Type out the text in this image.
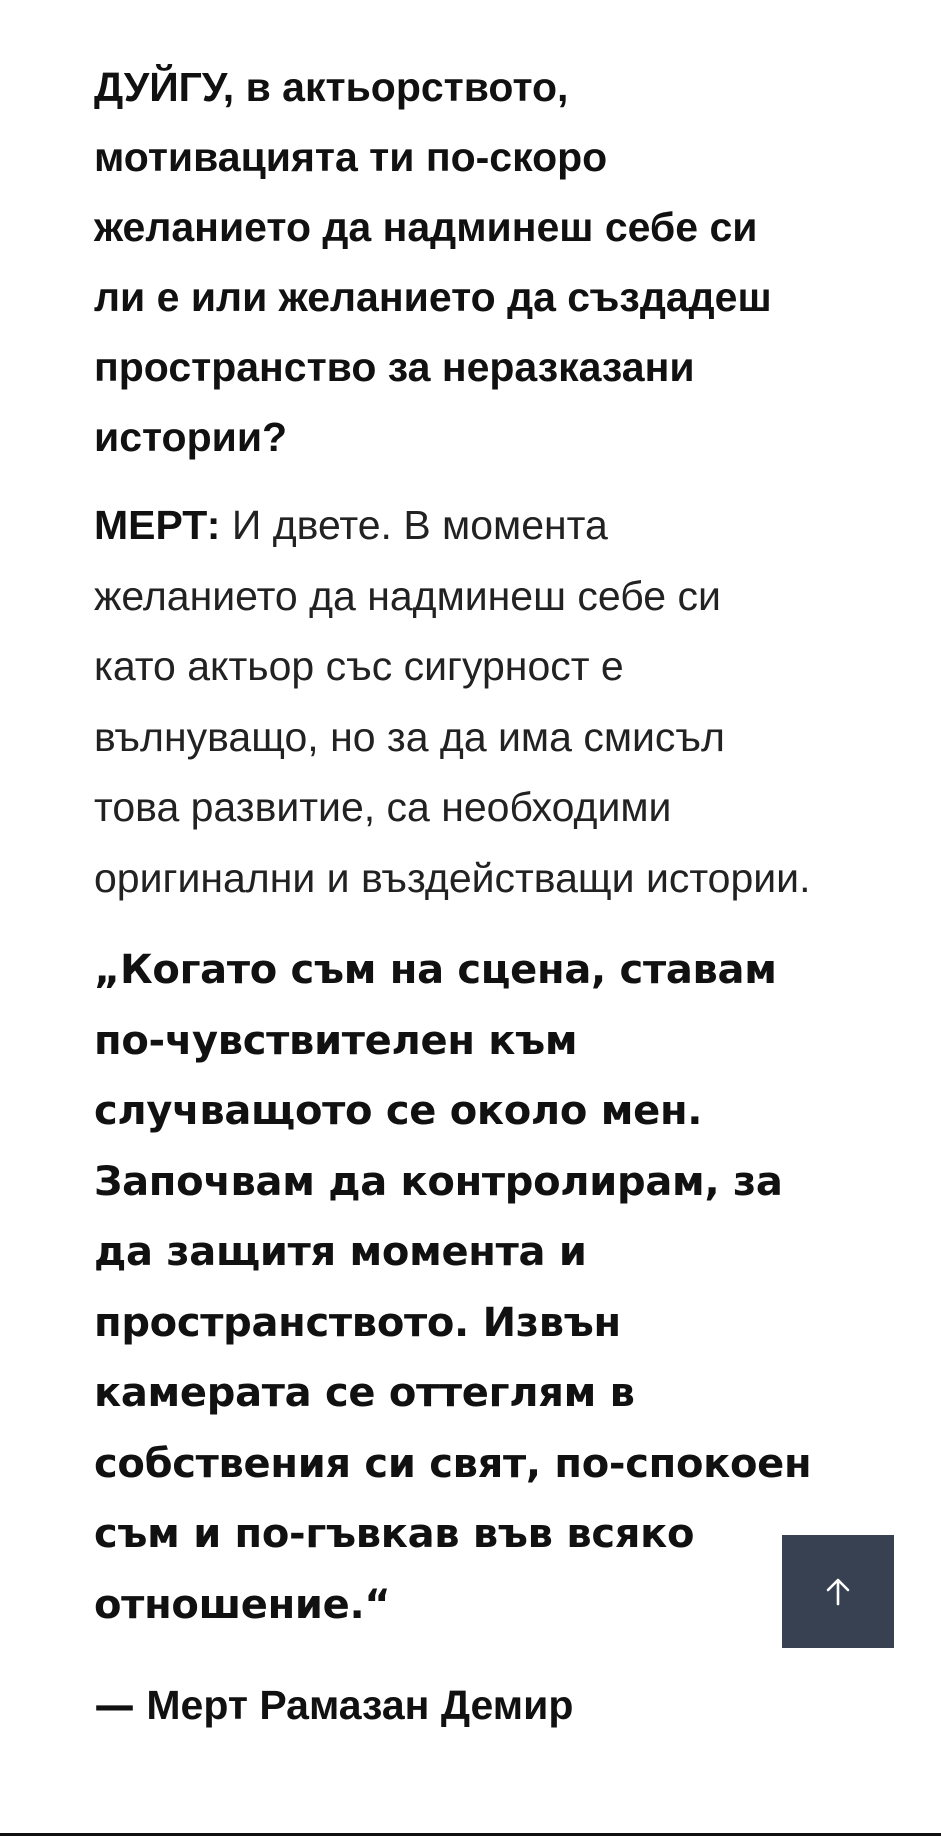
ДУЙГУ, в актьорството, мотивацията ти по-скоро желанието да надминеш себе си ли е или желанието да създадеш пространство за неразказани истории?

МЕРТ: И двете. В момента желанието да надминеш себе си като актьор със сигурност е вълнуващо, но за да има смисъл това развитие, са необходими оригинални и въздействащи истории.

„Когато съм на сцена, ставам по-чувствителен към случващото се около мен. Започвам да контролирам, за да защитя момента и пространството. Извън камерата се оттеглям в собствения си свят, по-спокоен съм и по-гъвкав във всяко отношение.“

— Мерт Рамазан Демир
